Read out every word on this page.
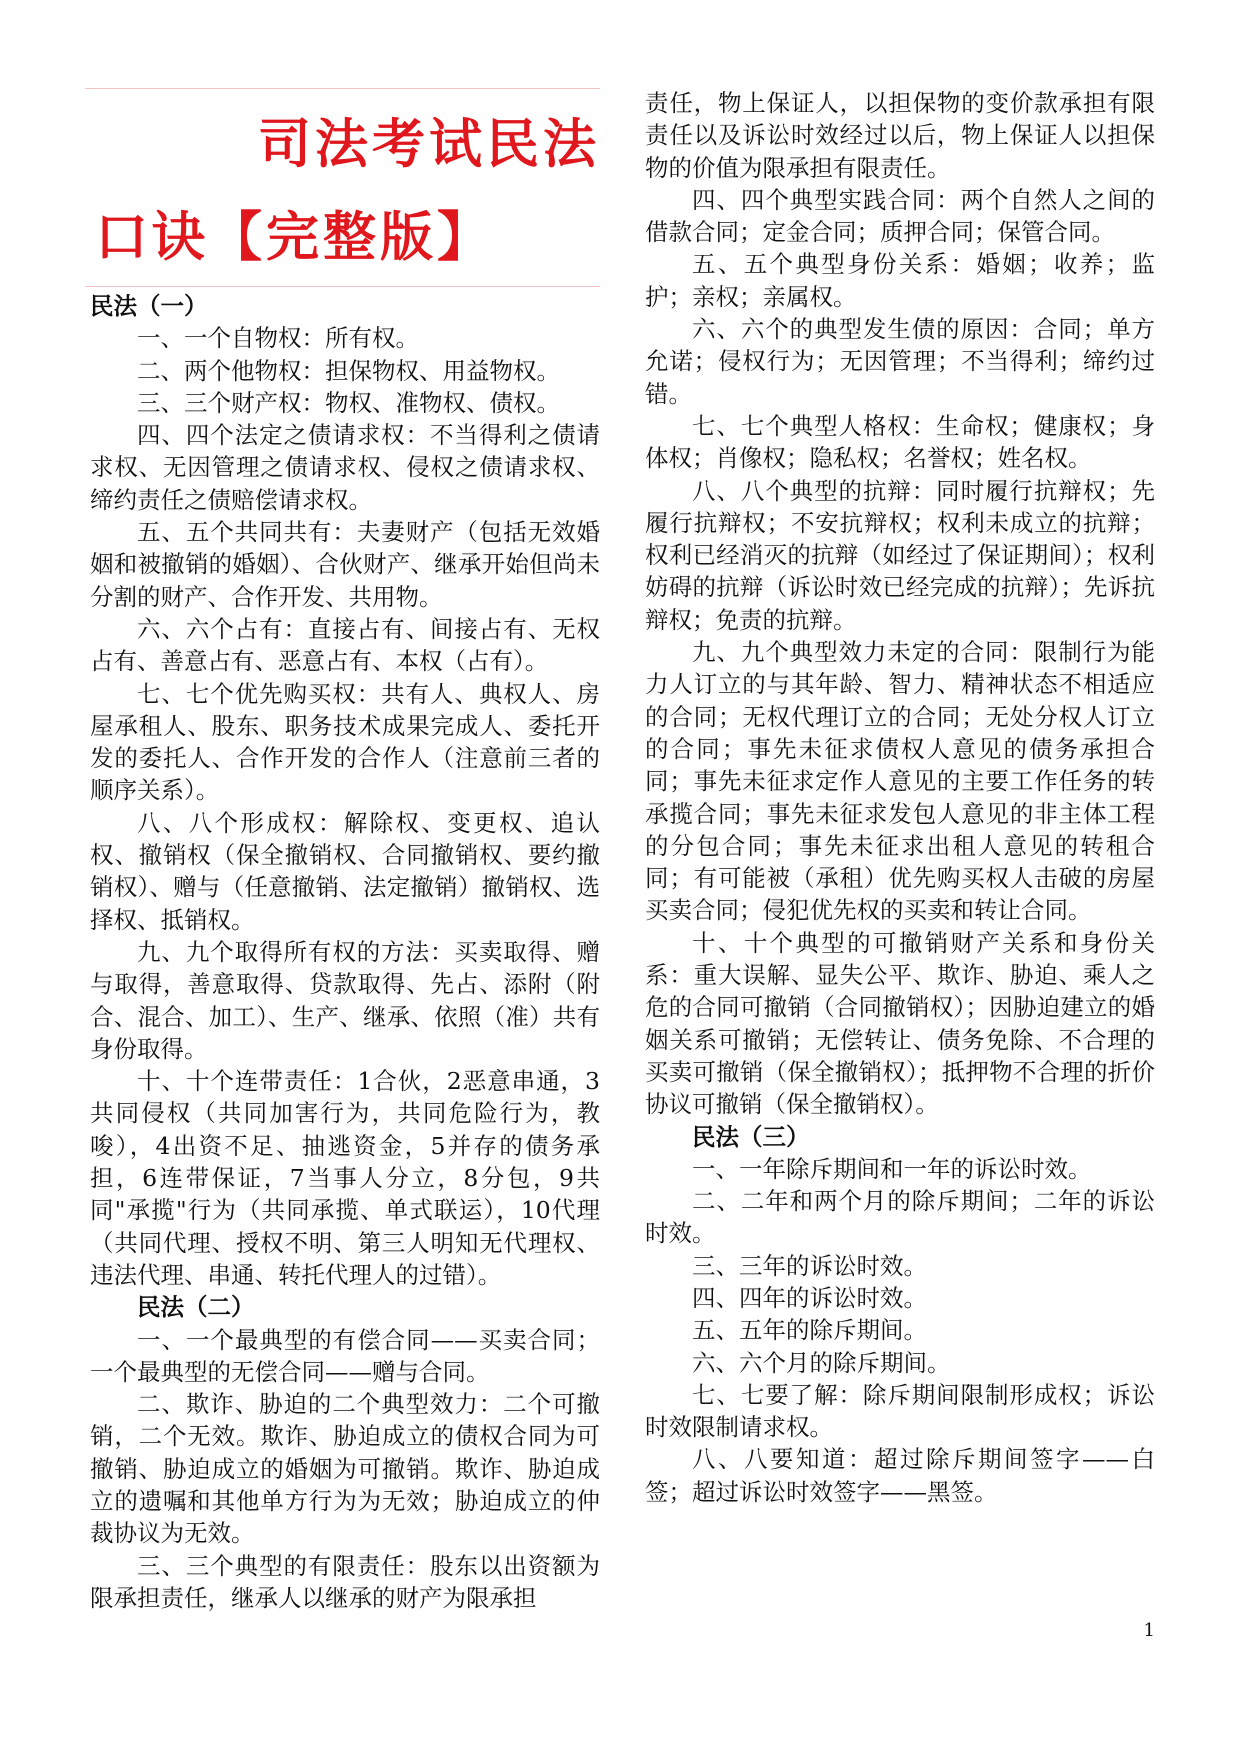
司法考试民法
口诀【完整版】
民法（一）

一、一个自物权：所有权。

二、两个他物权：担保物权、用益物权。

三、三个财产权：物权、准物权、债权。

四、四个法定之债请求权：不当得利之债请求权、无因管理之债请求权、侵权之债请求权、缔约责任之债赔偿请求权。

五、五个共同共有：夫妻财产（包括无效婚姻和被撤销的婚姻）、合伙财产、继承开始但尚未分割的财产、合作开发、共用物。

六、六个占有：直接占有、间接占有、无权占有、善意占有、恶意占有、本权（占有）。

七、七个优先购买权：共有人、典权人、房屋承租人、股东、职务技术成果完成人、委托开发的委托人、合作开发的合作人（注意前三者的顺序关系）。

八、八个形成权：解除权、变更权、追认权、撤销权（保全撤销权、合同撤销权、要约撤销权）、赠与（任意撤销、法定撤销）撤销权、选择权、抵销权。

九、九个取得所有权的方法：买卖取得、赠与取得，善意取得、贷款取得、先占、添附（附合、混合、加工）、生产、继承、依照（准）共有身份取得。

十、十个连带责任：1合伙，2恶意串通，3共同侵权（共同加害行为，共同危险行为，教唆），4出资不足、抽逃资金，5并存的债务承担，6连带保证，7当事人分立，8分包，9共同"承揽"行为（共同承揽、单式联运），10代理（共同代理、授权不明、第三人明知无代理权、违法代理、串通、转托代理人的过错）。

民法（二）

一、一个最典型的有偿合同——买卖合同；一个最典型的无偿合同——赠与合同。

二、欺诈、胁迫的二个典型效力：二个可撤销，二个无效。欺诈、胁迫成立的债权合同为可撤销、胁迫成立的婚姻为可撤销。欺诈、胁迫成立的遗嘱和其他单方行为为无效；胁迫成立的仲裁协议为无效。

三、三个典型的有限责任：股东以出资额为限承担责任，继承人以继承的财产为限承担

责任，物上保证人，以担保物的变价款承担有限责任以及诉讼时效经过以后，物上保证人以担保物的价值为限承担有限责任。

四、四个典型实践合同：两个自然人之间的借款合同；定金合同；质押合同；保管合同。

五、五个典型身份关系：婚姻；收养；监护；亲权；亲属权。

六、六个的典型发生债的原因：合同；单方允诺；侵权行为；无因管理；不当得利；缔约过错。

七、七个典型人格权：生命权；健康权；身体权；肖像权；隐私权；名誉权；姓名权。

八、八个典型的抗辩：同时履行抗辩权；先履行抗辩权；不安抗辩权；权利未成立的抗辩；权利已经消灭的抗辩（如经过了保证期间）；权利妨碍的抗辩（诉讼时效已经完成的抗辩）；先诉抗辩权；免责的抗辩。

九、九个典型效力未定的合同：限制行为能力人订立的与其年龄、智力、精神状态不相适应的合同；无权代理订立的合同；无处分权人订立的合同；事先未征求债权人意见的债务承担合同；事先未征求定作人意见的主要工作任务的转承揽合同；事先未征求发包人意见的非主体工程的分包合同；事先未征求出租人意见的转租合同；有可能被（承租）优先购买权人击破的房屋买卖合同；侵犯优先权的买卖和转让合同。

十、十个典型的可撤销财产关系和身份关系：重大误解、显失公平、欺诈、胁迫、乘人之危的合同可撤销（合同撤销权）；因胁迫建立的婚姻关系可撤销；无偿转让、债务免除、不合理的买卖可撤销（保全撤销权）；抵押物不合理的折价协议可撤销（保全撤销权）。

民法（三）

一、一年除斥期间和一年的诉讼时效。

二、二年和两个月的除斥期间；二年的诉讼时效。

三、三年的诉讼时效。

四、四年的诉讼时效。

五、五年的除斥期间。

六、六个月的除斥期间。

七、七要了解：除斥期间限制形成权；诉讼时效限制请求权。

八、八要知道：超过除斥期间签字——白签；超过诉讼时效签字——黑签。

1
